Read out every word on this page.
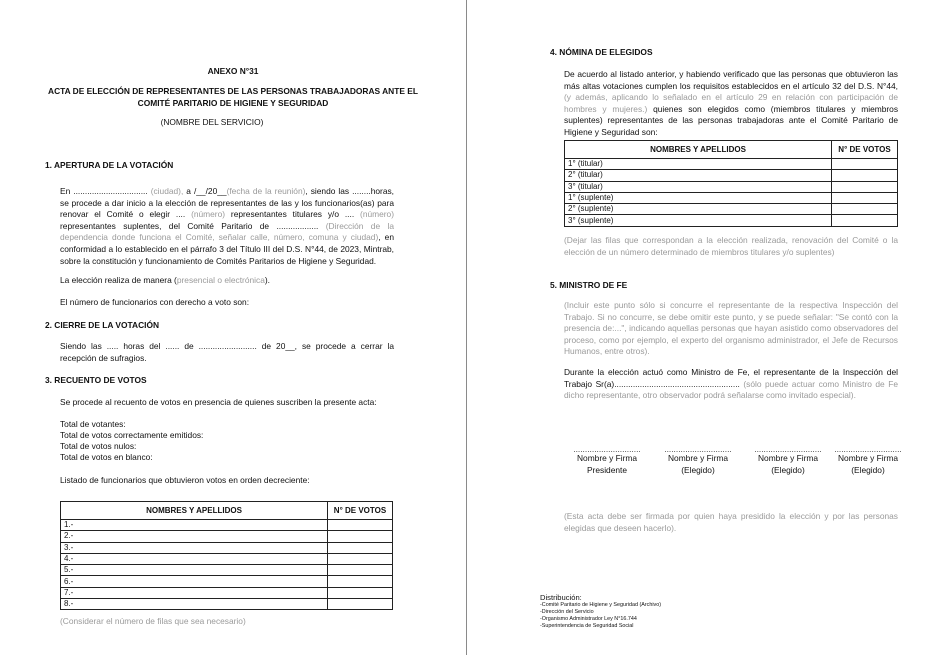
ANEXO N°31
ACTA DE ELECCIÓN DE REPRESENTANTES DE LAS PERSONAS TRABAJADORAS ANTE EL
COMITÉ PARITARIO DE HIGIENE Y SEGURIDAD
(NOMBRE DEL SERVICIO)
1. APERTURA DE LA VOTACIÓN
En ................................ (ciudad), a /__/20__(fecha de la reunión), siendo las ........horas, se procede a dar inicio a la elección de representantes de las y los funcionarios(as) para renovar el Comité o elegir .... (número) representantes titulares y/o .... (número) representantes suplentes, del Comité Paritario de .................. (Dirección de la dependencia donde funciona el Comité, señalar calle, número, comuna y ciudad), en conformidad a lo establecido en el párrafo 3 del Título III del D.S. N°44, de 2023, Mintrab, sobre la constitución y funcionamiento de Comités Paritarios de Higiene y Seguridad.
La elección realiza de manera (presencial o electrónica).
El número de funcionarios con derecho a voto son:
2. CIERRE DE LA VOTACIÓN
Siendo las ..... horas del ...... de ......................... de 20__, se procede a cerrar la recepción de sufragios.
3. RECUENTO DE VOTOS
Se procede al recuento de votos en presencia de quienes suscriben la presente acta:
Total de votantes:
Total de votos correctamente emitidos:
Total de votos nulos:
Total de votos en blanco:
Listado de funcionarios que obtuvieron votos en orden decreciente:
NOMBRES Y APELLIDOS	N° DE VOTOS
1.-	
2.-	
3.-	
4.-	
5.-	
6.-	
7.-	
8.-	
(Considerar el número de filas que sea necesario)
4. NÓMINA DE ELEGIDOS
De acuerdo al listado anterior, y habiendo verificado que las personas que obtuvieron las más altas votaciones cumplen los requisitos establecidos en el artículo 32 del D.S. N°44, (y además, aplicando lo señalado en el artículo 29 en relación con participación de hombres y mujeres.) quienes son elegidos como (miembros titulares y miembros suplentes) representantes de las personas trabajadoras ante el Comité Paritario de Higiene y Seguridad son:
NOMBRES Y APELLIDOS	N° DE VOTOS
1° (titular)	
2° (titular)	
3° (titular)	
1° (suplente)	
2° (suplente)	
3° (suplente)	
(Dejar las filas que correspondan a la elección realizada, renovación del Comité o la elección de un número determinado de miembros titulares y/o suplentes)
5. MINISTRO DE FE
(Incluir este punto sólo si concurre el representante de la respectiva Inspección del Trabajo. Si no concurre, se debe omitir este punto, y se puede señalar: "Se contó con la presencia de:...", indicando aquellas personas que hayan asistido como observadores del proceso, como por ejemplo, el experto del organismo administrador, el Jefe de Recursos Humanos, entre otros).
Durante la elección actuó como Ministro de Fe, el representante de la Inspección del Trabajo Sr(a)...................................................... (sólo puede actuar como Ministro de Fe dicho representante, otro observador podrá señalarse como invitado especial).
.............................
Nombre y Firma
Presidente
.............................
Nombre y Firma
(Elegido)
.............................
Nombre y Firma
(Elegido)
.............................
Nombre y Firma
(Elegido)
(Esta acta debe ser firmada por quien haya presidido la elección y por las personas elegidas que deseen hacerlo).
Distribución:
-Comité Paritario de Higiene y Seguridad (Archivo)
-Dirección del Servicio
-Organismo Administrador Ley N°16.744
-Superintendencia de Seguridad Social
